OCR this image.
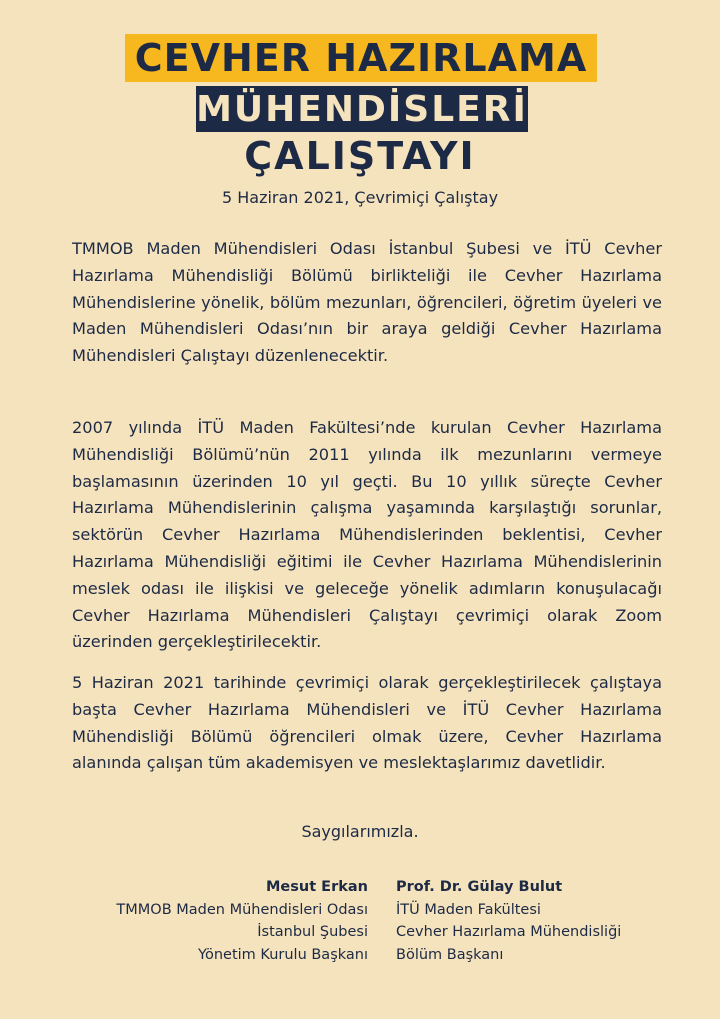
CEVHER HAZIRLAMA
MÜHENDİSLERİ
ÇALIŞTAYI
5 Haziran 2021, Çevrimiçi Çalıştay

TMMOB Maden Mühendisleri Odası İstanbul Şubesi ve İTÜ Cevher Hazırlama Mühendisliği Bölümü birlikteliği ile Cevher Hazırlama Mühendislerine yönelik, bölüm mezunları, öğrencileri, öğretim üyeleri ve Maden Mühendisleri Odası’nın bir araya geldiği Cevher Hazırlama Mühendisleri Çalıştayı düzenlenecektir.

2007 yılında İTÜ Maden Fakültesi’nde kurulan Cevher Hazırlama Mühendisliği Bölümü’nün 2011 yılında ilk mezunlarını vermeye başlamasının üzerinden 10 yıl geçti. Bu 10 yıllık süreçte Cevher Hazırlama Mühendislerinin çalışma yaşamında karşılaştığı sorunlar, sektörün Cevher Hazırlama Mühendislerinden beklentisi, Cevher Hazırlama Mühendisliği eğitimi ile Cevher Hazırlama Mühendislerinin meslek odası ile ilişkisi ve geleceğe yönelik adımların konuşulacağı Cevher Hazırlama Mühendisleri Çalıştayı çevrimiçi olarak Zoom üzerinden gerçekleştirilecektir.

5 Haziran 2021 tarihinde çevrimiçi olarak gerçekleştirilecek çalıştaya başta Cevher Hazırlama Mühendisleri ve İTÜ Cevher Hazırlama Mühendisliği Bölümü öğrencileri olmak üzere, Cevher Hazırlama alanında çalışan tüm akademisyen ve meslektaşlarımız davetlidir.

Saygılarımızla.
Mesut Erkan
TMMOB Maden Mühendisleri Odası
İstanbul Şubesi
Yönetim Kurulu Başkanı
Prof. Dr. Gülay Bulut
İTÜ Maden Fakültesi
Cevher Hazırlama Mühendisliği
Bölüm Başkanı
